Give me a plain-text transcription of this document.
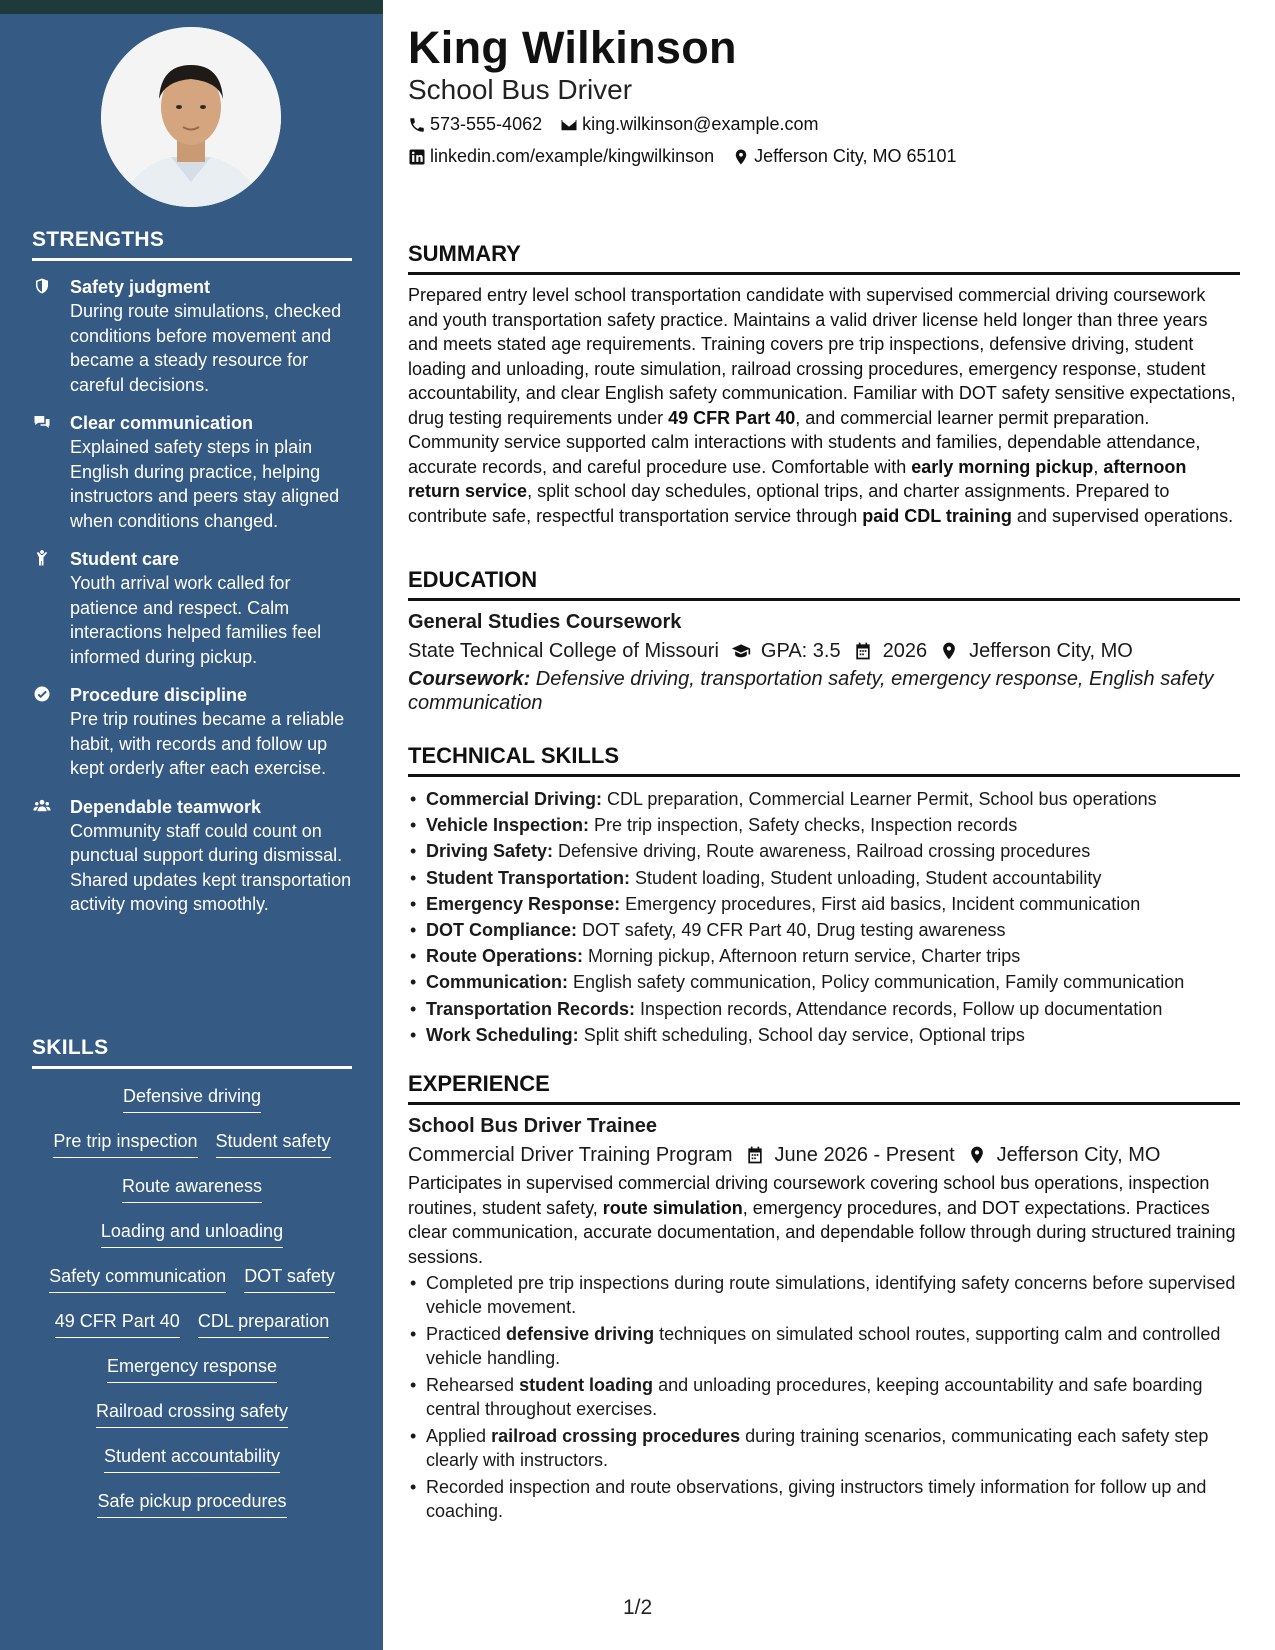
STRENGTHS
Safety judgment
During route simulations, checked conditions before movement and became a steady resource for careful decisions.
Clear communication
Explained safety steps in plain English during practice, helping instructors and peers stay aligned when conditions changed.
Student care
Youth arrival work called for patience and respect. Calm interactions helped families feel informed during pickup.
Procedure discipline
Pre trip routines became a reliable habit, with records and follow up kept orderly after each exercise.
Dependable teamwork
Community staff could count on punctual support during dismissal. Shared updates kept transportation activity moving smoothly.
SKILLS
Defensive driving
Pre trip inspection Student safety
Route awareness
Loading and unloading
Safety communication DOT safety
49 CFR Part 40 CDL preparation
Emergency response
Railroad crossing safety
Student accountability
Safe pickup procedures
King Wilkinson
School Bus Driver
573-555-4062 king.wilkinson@example.com
linkedin.com/example/kingwilkinson Jefferson City, MO 65101
SUMMARY
Prepared entry level school transportation candidate with supervised commercial driving coursework and youth transportation safety practice. Maintains a valid driver license held longer than three years and meets stated age requirements. Training covers pre trip inspections, defensive driving, student loading and unloading, route simulation, railroad crossing procedures, emergency response, student accountability, and clear English safety communication. Familiar with DOT safety sensitive expectations, drug testing requirements under 49 CFR Part 40, and commercial learner permit preparation. Community service supported calm interactions with students and families, dependable attendance, accurate records, and careful procedure use. Comfortable with early morning pickup, afternoon return service, split school day schedules, optional trips, and charter assignments. Prepared to contribute safe, respectful transportation service through paid CDL training and supervised operations.
EDUCATION
General Studies Coursework
State Technical College of Missouri GPA: 3.5 2026 Jefferson City, MO
Coursework: Defensive driving, transportation safety, emergency response, English safety communication
TECHNICAL SKILLS
• Commercial Driving: CDL preparation, Commercial Learner Permit, School bus operations
• Vehicle Inspection: Pre trip inspection, Safety checks, Inspection records
• Driving Safety: Defensive driving, Route awareness, Railroad crossing procedures
• Student Transportation: Student loading, Student unloading, Student accountability
• Emergency Response: Emergency procedures, First aid basics, Incident communication
• DOT Compliance: DOT safety, 49 CFR Part 40, Drug testing awareness
• Route Operations: Morning pickup, Afternoon return service, Charter trips
• Communication: English safety communication, Policy communication, Family communication
• Transportation Records: Inspection records, Attendance records, Follow up documentation
• Work Scheduling: Split shift scheduling, School day service, Optional trips
EXPERIENCE
School Bus Driver Trainee
Commercial Driver Training Program June 2026 - Present Jefferson City, MO
Participates in supervised commercial driving coursework covering school bus operations, inspection routines, student safety, route simulation, emergency procedures, and DOT expectations. Practices clear communication, accurate documentation, and dependable follow through during structured training sessions.
• Completed pre trip inspections during route simulations, identifying safety concerns before supervised vehicle movement.
• Practiced defensive driving techniques on simulated school routes, supporting calm and controlled vehicle handling.
• Rehearsed student loading and unloading procedures, keeping accountability and safe boarding central throughout exercises.
• Applied railroad crossing procedures during training scenarios, communicating each safety step clearly with instructors.
• Recorded inspection and route observations, giving instructors timely information for follow up and coaching.
1/2
